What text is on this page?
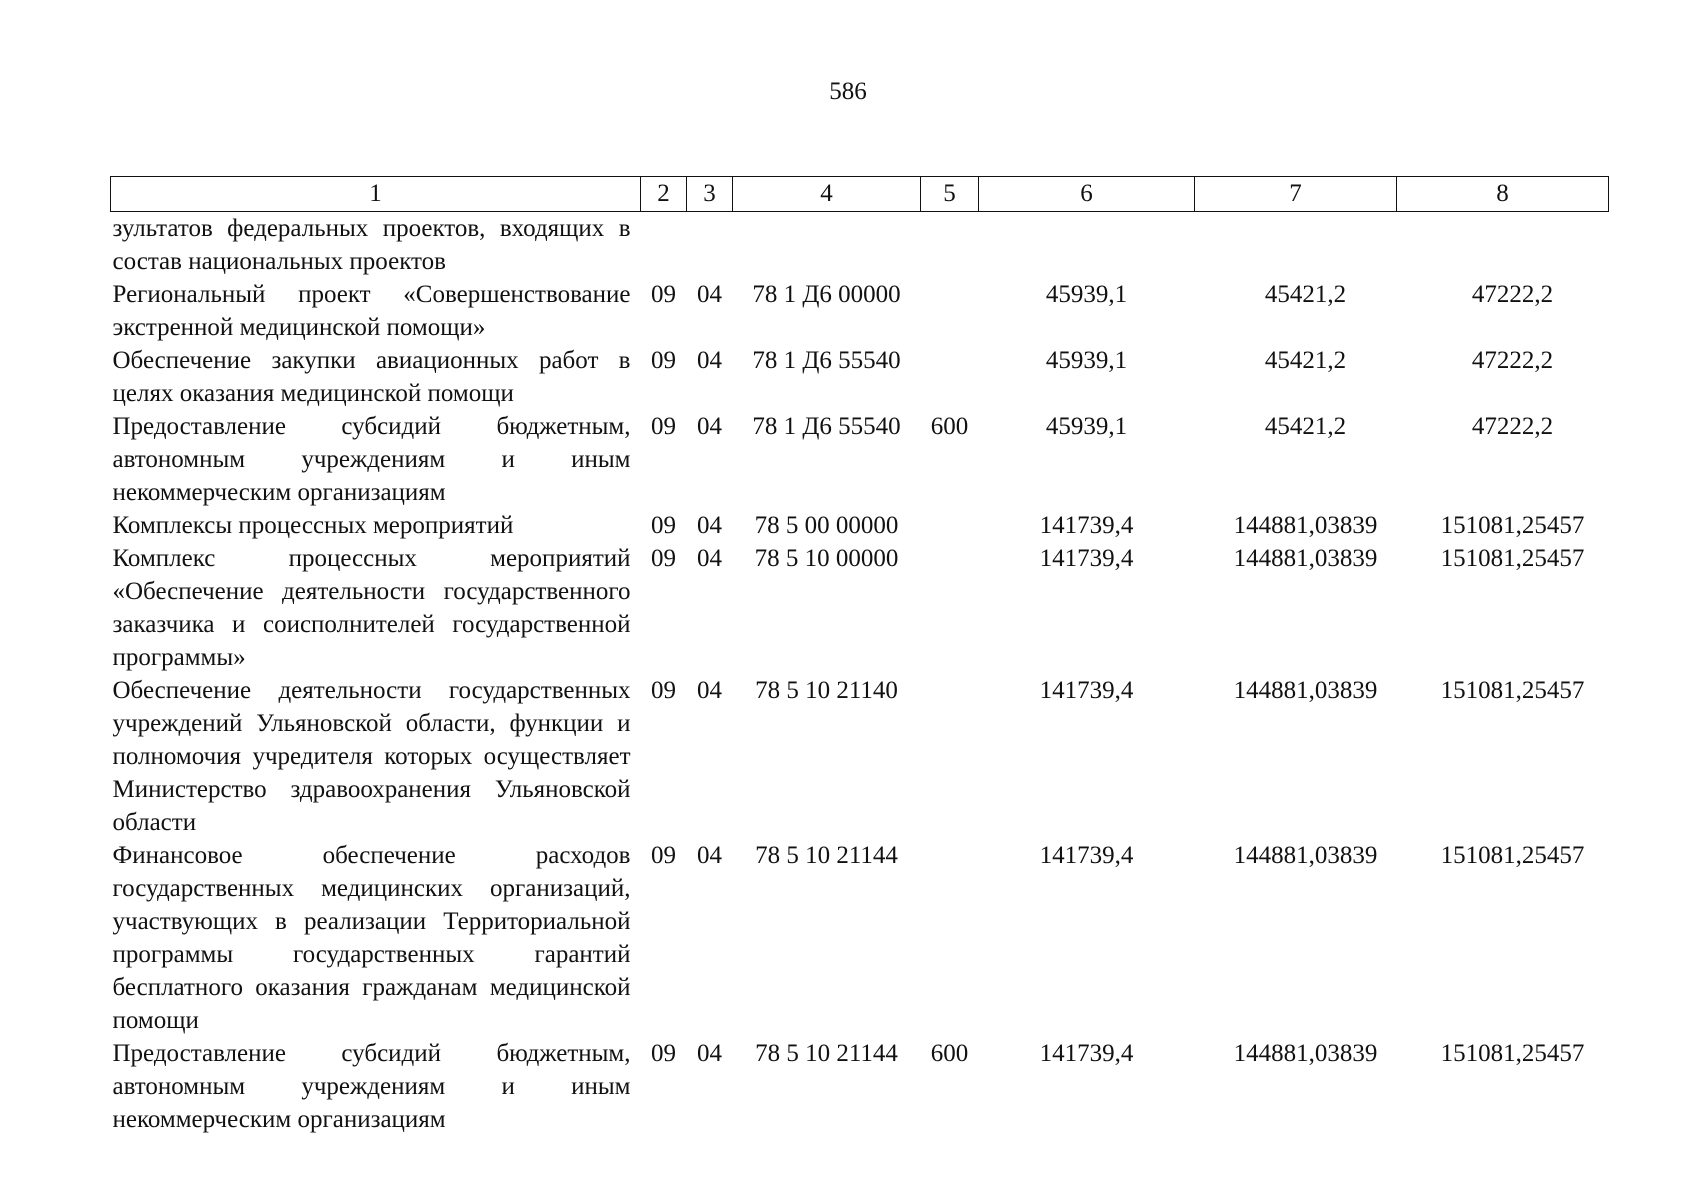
586
1	2	3	4	5	6	7	8
зультатов федеральных проектов, входящих в состав национальных проектов							
Региональный проект «Совершенствование экстренной медицинской помощи»	09	04	78 1 Д6 00000		45939,1	45421,2	47222,2
Обеспечение закупки авиационных работ в целях оказания медицинской помощи	09	04	78 1 Д6 55540		45939,1	45421,2	47222,2
Предоставление субсидий бюджетным, автономным учреждениям и иным некоммерческим организациям	09	04	78 1 Д6 55540	600	45939,1	45421,2	47222,2
Комплексы процессных мероприятий	09	04	78 5 00 00000		141739,4	144881,03839	151081,25457
Комплекс процессных мероприятий «Обеспечение деятельности государственного заказчика и соисполнителей государственной программы»	09	04	78 5 10 00000		141739,4	144881,03839	151081,25457
Обеспечение деятельности государственных учреждений Ульяновской области, функции и полномочия учредителя которых осуществляет Министерство здравоохранения Ульяновской области	09	04	78 5 10 21140		141739,4	144881,03839	151081,25457
Финансовое обеспечение расходов государственных медицинских организаций, участвующих в реализации Территориальной программы государственных гарантий бесплатного оказания гражданам медицинской помощи	09	04	78 5 10 21144		141739,4	144881,03839	151081,25457
Предоставление субсидий бюджетным, автономным учреждениям и иным некоммерческим организациям	09	04	78 5 10 21144	600	141739,4	144881,03839	151081,25457
